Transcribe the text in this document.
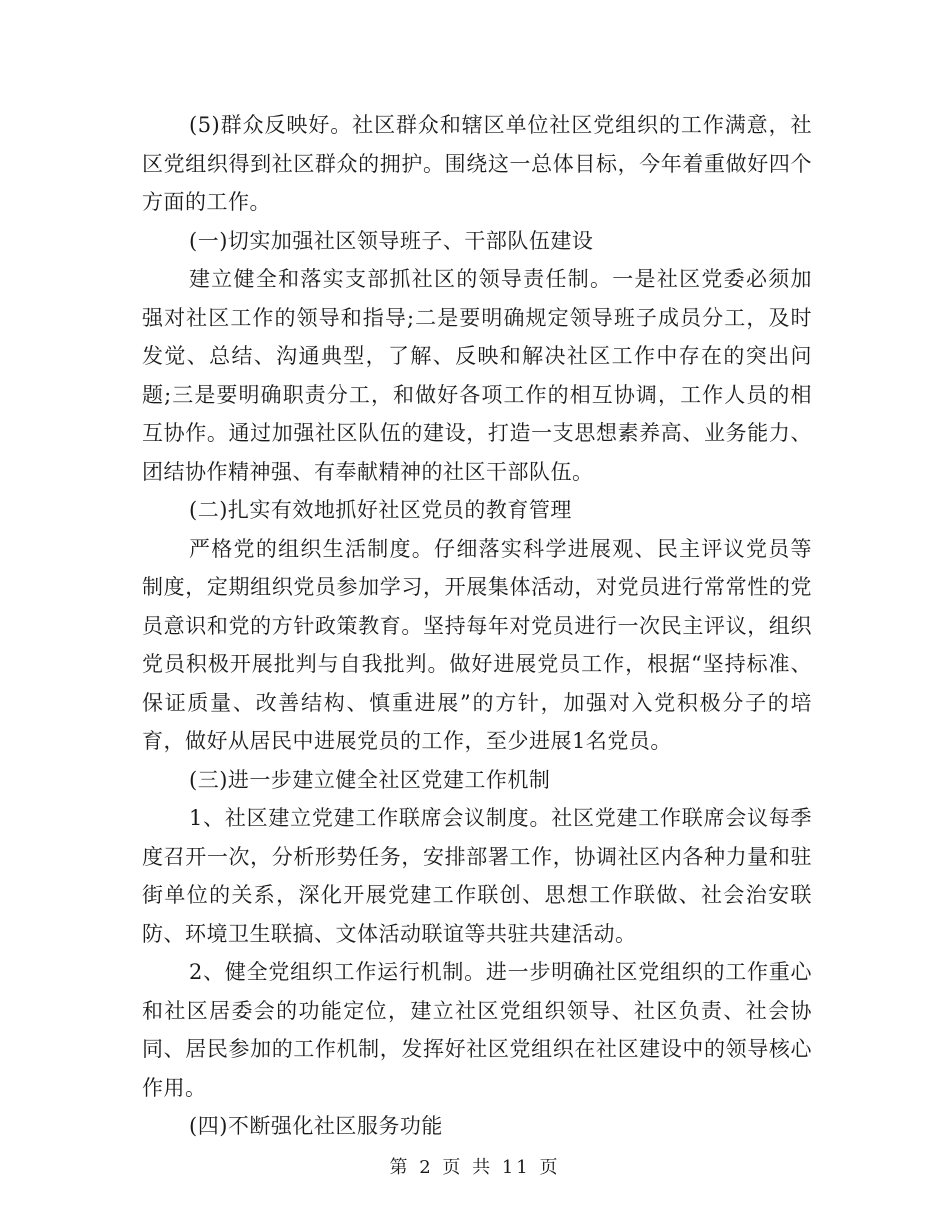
(5)群众反映好。社区群众和辖区单位社区党组织的工作满意，社区党组织得到社区群众的拥护。围绕这一总体目标，今年着重做好四个方面的工作。

(一)切实加强社区领导班子、干部队伍建设

建立健全和落实支部抓社区的领导责任制。一是社区党委必须加强对社区工作的领导和指导;二是要明确规定领导班子成员分工，及时发觉、总结、沟通典型，了解、反映和解决社区工作中存在的突出问题;三是要明确职责分工，和做好各项工作的相互协调，工作人员的相互协作。通过加强社区队伍的建设，打造一支思想素养高、业务能力、团结协作精神强、有奉献精神的社区干部队伍。

(二)扎实有效地抓好社区党员的教育管理

严格党的组织生活制度。仔细落实科学进展观、民主评议党员等制度，定期组织党员参加学习，开展集体活动，对党员进行常常性的党员意识和党的方针政策教育。坚持每年对党员进行一次民主评议，组织党员积极开展批判与自我批判。做好进展党员工作，根据“坚持标准、保证质量、改善结构、慎重进展”的方针，加强对入党积极分子的培育，做好从居民中进展党员的工作，至少进展1名党员。

(三)进一步建立健全社区党建工作机制

1、社区建立党建工作联席会议制度。社区党建工作联席会议每季度召开一次，分析形势任务，安排部署工作，协调社区内各种力量和驻街单位的关系，深化开展党建工作联创、思想工作联做、社会治安联防、环境卫生联搞、文体活动联谊等共驻共建活动。

2、健全党组织工作运行机制。进一步明确社区党组织的工作重心和社区居委会的功能定位，建立社区党组织领导、社区负责、社会协同、居民参加的工作机制，发挥好社区党组织在社区建设中的领导核心作用。

(四)不断强化社区服务功能

第 2 页 共 11 页
